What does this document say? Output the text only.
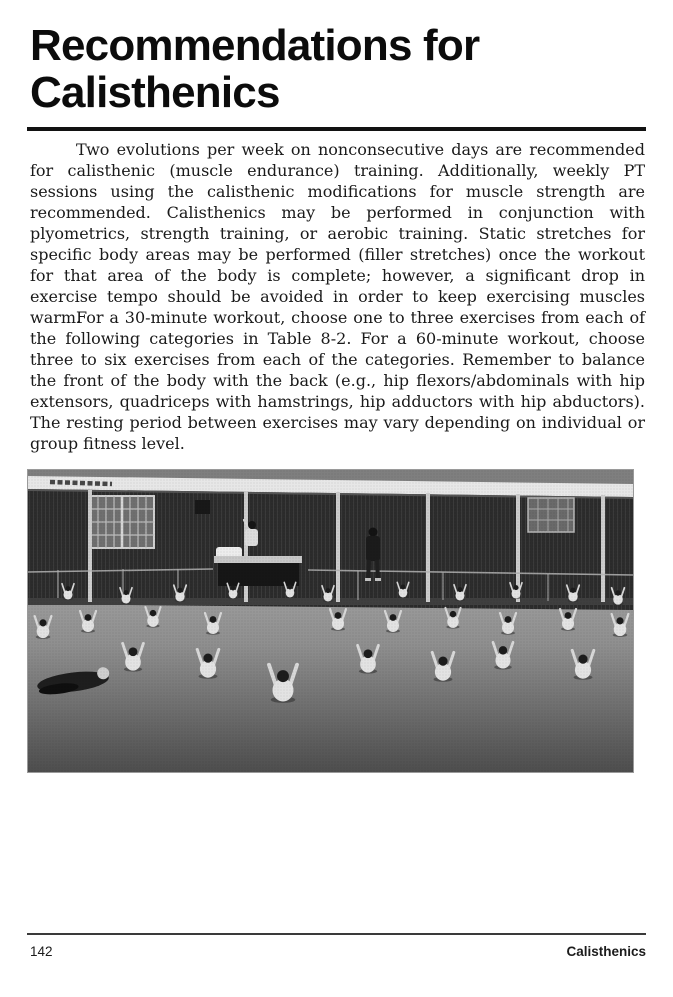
Recommendations for
Calisthenics

Two evolutions per week on nonconsecutive days are recommended for calisthenic (muscle endurance) training. Additionally, weekly PT sessions using the calisthenic modifications for muscle strength are recommended. Calisthenics may be performed in conjunction with plyometrics, strength training, or aerobic training. Static stretches for specific body areas may be performed (filler stretches) once the workout for that area of the body is complete; however, a significant drop in exercise tempo should be avoided in order to keep exercising muscles warm.

For a 30-minute workout, choose one to three exercises from each of the following categories in Table 8-2. For a 60-minute workout, choose three to six exercises from each of the categories. Remember to balance the front of the body with the back (e.g., hip flexors/abdominals with hip extensors, quadriceps with hamstrings, hip adductors with hip abductors). The resting period between exercises may vary depending on individual or group fitness level.

142	Calisthenics
